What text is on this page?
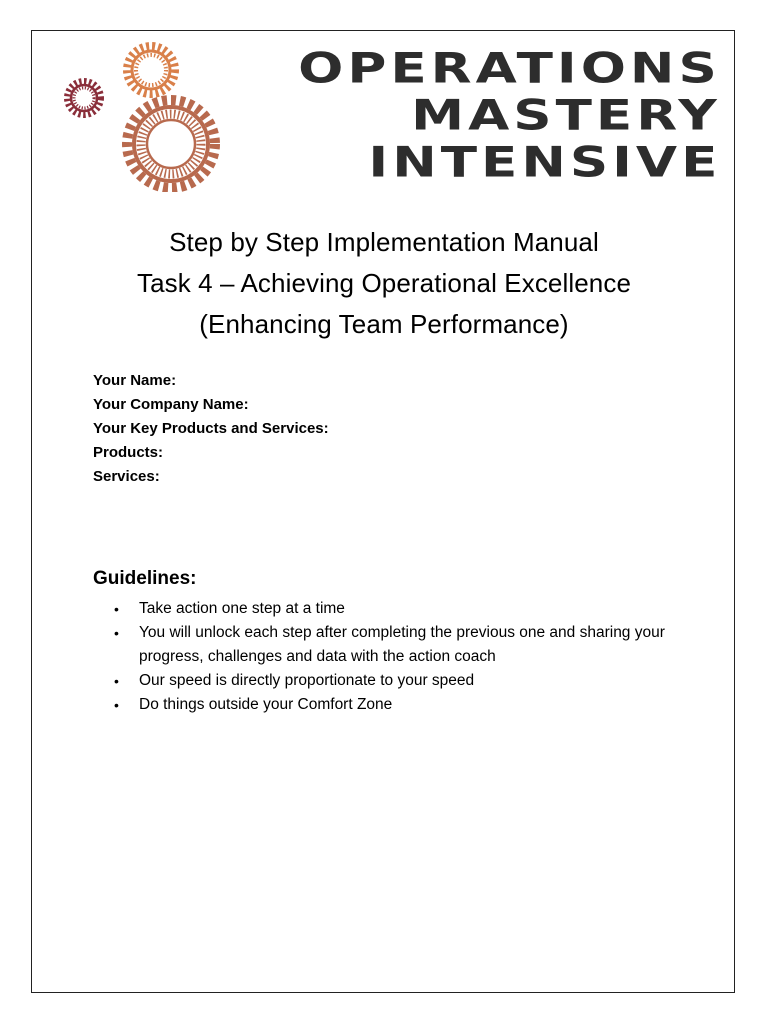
OPERATIONS
MASTERY
INTENSIVE
Step by Step Implementation Manual
Task 4 – Achieving Operational Excellence
(Enhancing Team Performance)
Your Name:
Your Company Name:
Your Key Products and Services:
Products:
Services:
Guidelines:
• Take action one step at a time
• You will unlock each step after completing the previous one and sharing your progress, challenges and data with the action coach
• Our speed is directly proportionate to your speed
• Do things outside your Comfort Zone
